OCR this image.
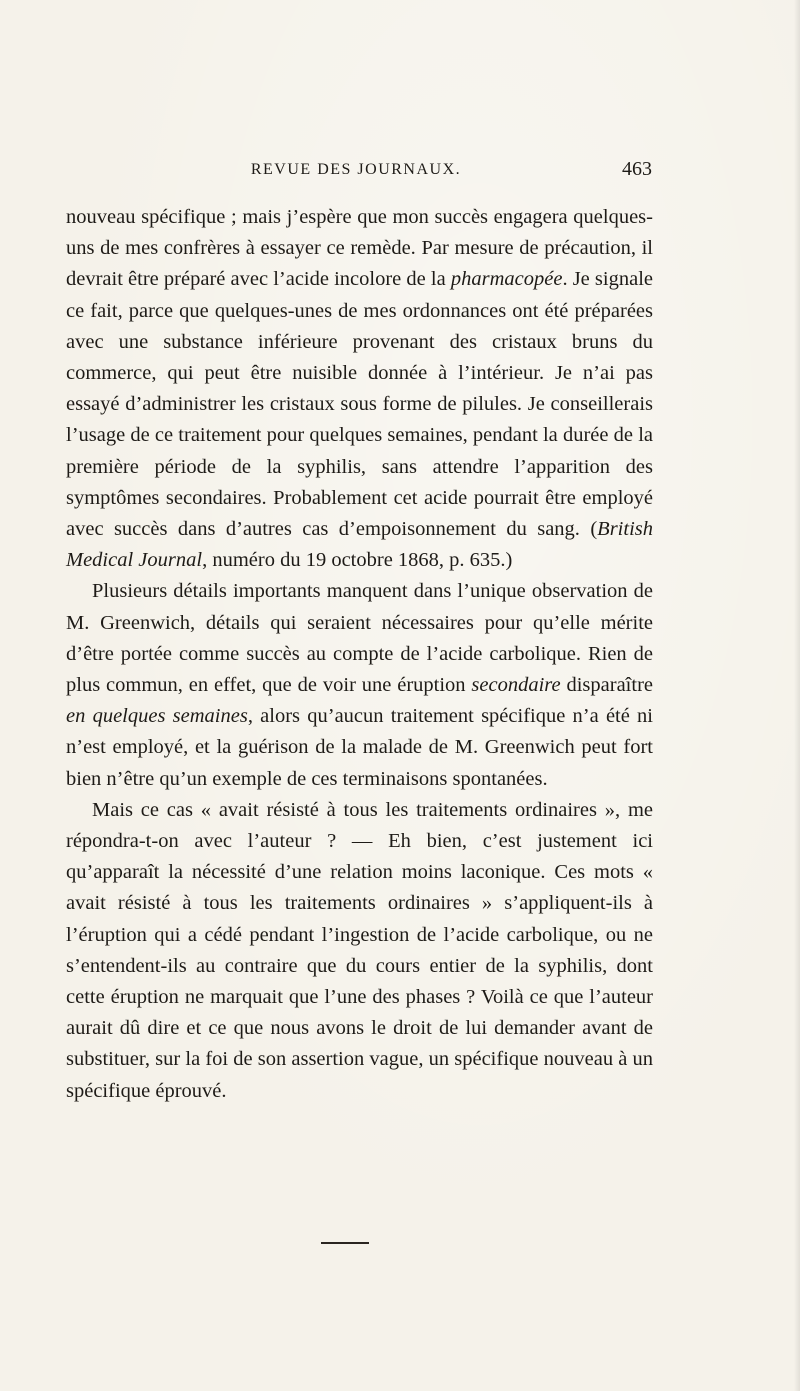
REVUE DES JOURNAUX.	463

nouveau spécifique ; mais j’espère que mon succès engagera quelques-uns de mes confrères à essayer ce remède. Par mesure de précaution, il devrait être préparé avec l’acide incolore de la pharmacopée. Je signale ce fait, parce que quelques-unes de mes ordonnances ont été préparées avec une substance inférieure provenant des cristaux bruns du commerce, qui peut être nuisible donnée à l’intérieur. Je n’ai pas essayé d’administrer les cristaux sous forme de pilules. Je conseillerais l’usage de ce traitement pour quelques semaines, pendant la durée de la première période de la syphilis, sans attendre l’apparition des symptômes secondaires. Probablement cet acide pourrait être employé avec succès dans d’autres cas d’empoisonnement du sang. (British Medical Journal, numéro du 19 octobre 1868, p. 635.)

Plusieurs détails importants manquent dans l’unique observation de M. Greenwich, détails qui seraient nécessaires pour qu’elle mérite d’être portée comme succès au compte de l’acide carbolique. Rien de plus commun, en effet, que de voir une éruption secondaire disparaître en quelques semaines, alors qu’aucun traitement spécifique n’a été ni n’est employé, et la guérison de la malade de M. Greenwich peut fort bien n’être qu’un exemple de ces terminaisons spontanées.

Mais ce cas « avait résisté à tous les traitements ordinaires », me répondra-t-on avec l’auteur ? — Eh bien, c’est justement ici qu’apparaît la nécessité d’une relation moins laconique. Ces mots « avait résisté à tous les traitements ordinaires » s’appliquent-ils à l’éruption qui a cédé pendant l’ingestion de l’acide carbolique, ou ne s’entendent-ils au contraire que du cours entier de la syphilis, dont cette éruption ne marquait que l’une des phases ? Voilà ce que l’auteur aurait dû dire et ce que nous avons le droit de lui demander avant de substituer, sur la foi de son assertion vague, un spécifique nouveau à un spécifique éprouvé.
